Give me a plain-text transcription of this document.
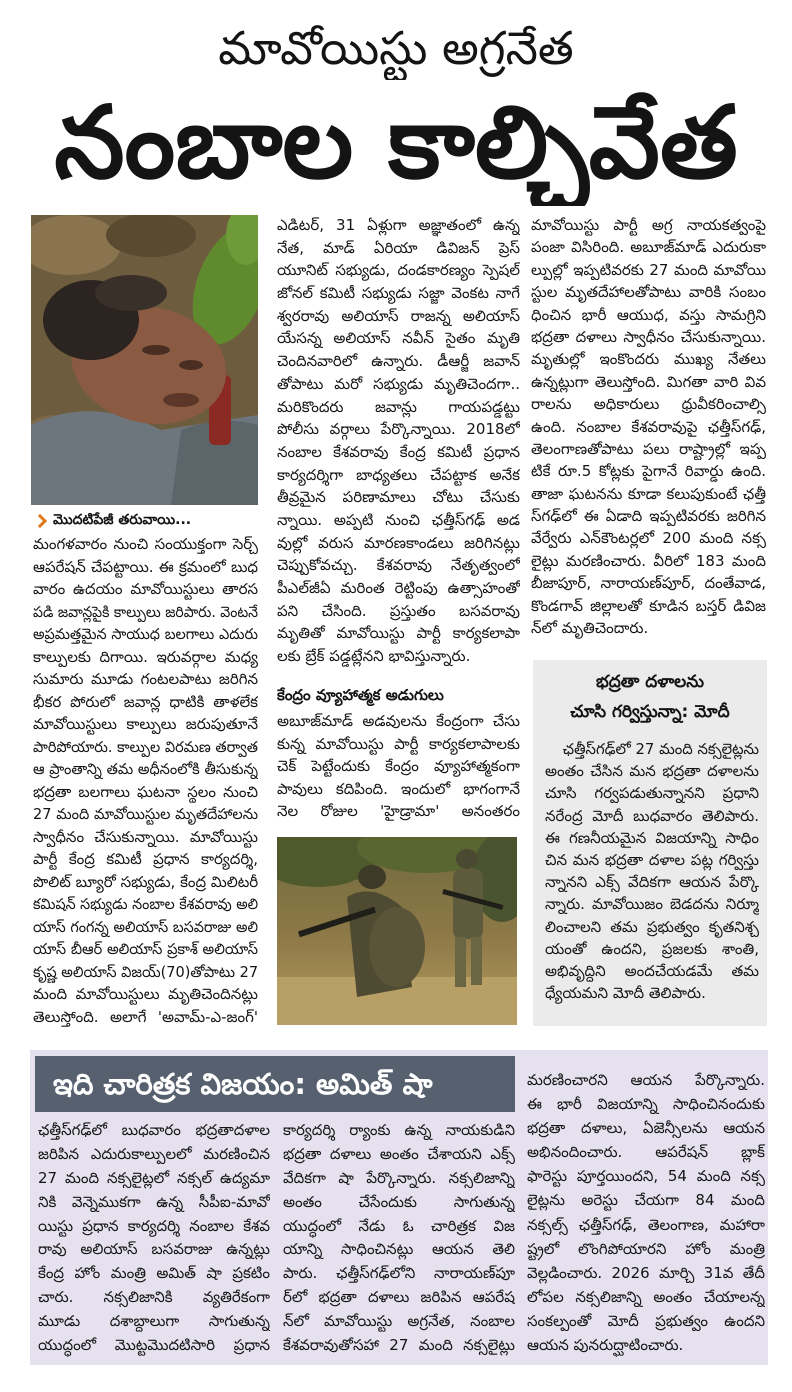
మావోయిస్టు అగ్రనేత
నంబాల కాల్చివేత
మొదటిపేజీ తరువాయి...
మంగళవారం నుంచి సంయుక్తంగా సెర్చ్
ఆపరేషన్ చేపట్టాయి. ఈ క్రమంలో బుధ
వారం ఉదయం మావోయిస్టులు తారస
పడి జవాన్లపైకి కాల్పులు జరిపారు. వెంటనే
అప్రమత్తమైన సాయుధ బలగాలు ఎదురు
కాల్పులకు దిగాయి. ఇరువర్గాల మధ్య
సుమారు మూడు గంటలపాటు జరిగిన
భీకర పోరులో జవాన్ల ధాటికి తాళలేక
మావోయిస్టులు కాల్పులు జరుపుతూనే
పారిపోయారు. కాల్పుల విరమణ తర్వాత
ఆ ప్రాంతాన్ని తమ అధీనంలోకి తీసుకున్న
భద్రతా బలగాలు ఘటనా స్థలం నుంచి
27 మంది మావోయిస్టుల మృతదేహాలను
స్వాధీనం చేసుకున్నాయి. మావోయిస్టు
పార్టీ కేంద్ర కమిటీ ప్రధాన కార్యదర్శి,
పొలిట్ బ్యూరో సభ్యుడు, కేంద్ర మిలిటరీ
కమిషన్ సభ్యుడు నంబాల కేశవరావు అలి
యాస్ గంగన్న అలియాస్ బసవరాజు అలి
యాస్ బీఆర్ అలియాస్ ప్రకాశ్ అలియాస్
కృష్ణ అలియాస్ విజయ్(70)తోపాటు 27
మంది మావోయిస్టులు మృతిచెందినట్లు
తెలుస్తోంది. అలాగే 'అవామ్-ఎ-జంగ్'
ఎడిటర్, 31 ఏళ్లుగా అజ్ఞాతంలో ఉన్న
నేత, మాడ్ ఏరియా డివిజన్ ప్రెస్
యూనిట్ సభ్యుడు, దండకారణ్యం స్పెషల్
జోనల్ కమిటీ సభ్యుడు సజ్జా వెంకట నాగే
శ్వరరావు అలియాస్ రాజన్న అలియాస్
యేసన్న అలియాస్ నవీన్ సైతం మృతి
చెందినవారిలో ఉన్నారు. డీఆర్జీ జవాన్
తోపాటు మరో సభ్యుడు మృతిచెందగా..
మరికొందరు జవాన్లు గాయపడ్డట్టు
పోలీసు వర్గాలు పేర్కొన్నాయి. 2018లో
నంబాల కేశవరావు కేంద్ర కమిటీ ప్రధాన
కార్యదర్శిగా బాధ్యతలు చేపట్టాక అనేక
తీవ్రమైన పరిణామాలు చోటు చేసుకు
న్నాయి. అప్పటి నుంచి ఛత్తీస్‌గఢ్ అడ
వుల్లో వరుస మారణకాండలు జరిగినట్లు
చెప్పుకోవచ్చు. కేశవరావు నేతృత్వంలో
పీఎల్‌జీఏ మరింత రెట్టింపు ఉత్సాహంతో
పని చేసింది. ప్రస్తుతం బసవరావు
మృతితో మావోయిస్టు పార్టీ కార్యకలాపా
లకు బ్రేక్ పడ్డట్లేనని భావిస్తున్నారు.
కేంద్రం వ్యూహాత్మక అడుగులు
అబూజ్‌మాడ్ అడవులను కేంద్రంగా చేసు
కున్న మావోయిస్టు పార్టీ కార్యకలాపాలకు
చెక్ పెట్టేందుకు కేంద్రం వ్యూహాత్మకంగా
పావులు కదిపింది. ఇందులో భాగంగానే
నెల రోజుల 'హైడ్రామా' అనంతరం
మావోయిస్టు పార్టీ అగ్ర నాయకత్వంపై
పంజా విసిరింది. అబూజ్‌మాడ్ ఎదురుకా
ల్పుల్లో ఇప్పటివరకు 27 మంది మావోయి
స్టుల మృతదేహాలతోపాటు వారికి సంబం
ధించిన భారీ ఆయుధ, వస్తు సామగ్రిని
భద్రతా దళాలు స్వాధీనం చేసుకున్నాయి.
మృతుల్లో ఇంకొందరు ముఖ్య నేతలు
ఉన్నట్లుగా తెలుస్తోంది. మిగతా వారి వివ
రాలను అధికారులు ధ్రువీకరించాల్సి
ఉంది. నంబాల కేశవరావుపై ఛత్తీస్‌గఢ్,
తెలంగాణతోపాటు పలు రాష్ట్రాల్లో ఇప్ప
టికే రూ.5 కోట్లకు పైగానే రివార్డు ఉంది.
తాజా ఘటనను కూడా కలుపుకుంటే ఛత్తీ
స్‌గఢ్‌లో ఈ ఏడాది ఇప్పటివరకు జరిగిన
వేర్వేరు ఎన్‌కౌంటర్లలో 200 మంది నక్స
లైట్లు మరణించారు. వీరిలో 183 మంది
బీజాపూర్, నారాయణ్‌పూర్, దంతేవాడ,
కొండగావ్ జిల్లాలతో కూడిన బస్తర్ డివిజ
న్‌లో మృతిచెందారు.
భద్రతా దళాలను
చూసి గర్విస్తున్నా: మోదీ
ఛత్తీస్‌గఢ్‌లో 27 మంది నక్సలైట్లను
అంతం చేసిన మన భద్రతా దళాలను
చూసి గర్వపడుతున్నానని ప్రధాని
నరేంద్ర మోదీ బుధవారం తెలిపారు.
ఈ గణనీయమైన విజయాన్ని సాధిం
చిన మన భద్రతా దళాల పట్ల గర్విస్తు
న్నానని ఎక్స్ వేదికగా ఆయన పేర్కొ
న్నారు. మావోయిజం బెడదను నిర్మూ
లించాలని తమ ప్రభుత్వం కృతనిశ్చ
యంతో ఉందని, ప్రజలకు శాంతి,
అభివృద్ధిని అందచేయడమే తమ
ధ్యేయమని మోదీ తెలిపారు.
ఇది చారిత్రక విజయం: అమిత్ షా
ఛత్తీస్‌గఢ్‌లో బుధవారం భద్రతాదళాల
జరిపిన ఎదురుకాల్పులలో మరణించిన
27 మంది నక్సలైట్లలో నక్సల్ ఉద్యమా
నికి వెన్నెముకగా ఉన్న సీపీఐ-మావో
యిస్టు ప్రధాన కార్యదర్శి నంబాల కేశవ
రావు అలియాస్ బసవరాజు ఉన్నట్లు
కేంద్ర హోం మంత్రి అమిత్ షా ప్రకటిం
చారు. నక్సలిజానికి వ్యతిరేకంగా
మూడు దశాబ్దాలుగా సాగుతున్న
యుద్ధంలో మొట్టమొదటిసారి ప్రధాన
కార్యదర్శి ర్యాంకు ఉన్న నాయకుడిని
భద్రతా దళాలు అంతం చేశాయని ఎక్స్
వేదికగా షా పేర్కొన్నారు. నక్సలిజాన్ని
అంతం చేసేందుకు సాగుతున్న
యుద్ధంలో నేడు ఓ చారిత్రక విజ
యాన్ని సాధించినట్లు ఆయన తెలి
పారు. ఛత్తీస్‌గఢ్‌లోని నారాయణ్‌పూ
ర్‌లో భద్రతా దళాలు జరిపిన ఆపరేష
న్‌లో మావోయిస్టు అగ్రనేత, నంబాల
కేశవరావుతోసహా 27 మంది నక్సలైట్లు
మరణించారని ఆయన పేర్కొన్నారు.
ఈ భారీ విజయాన్ని సాధించినందుకు
భద్రతా దళాలు, ఏజెన్సీలను ఆయన
అభినందించారు. ఆపరేషన్ బ్లాక్
ఫారెస్టు పూర్తయిందని, 54 మంది నక్స
లైట్లను అరెస్టు చేయగా 84 మంది
నక్సల్స్ ఛత్తీస్‌గఢ్, తెలంగాణ, మహారా
ష్ట్రలో లొంగిపోయారని హోం మంత్రి
వెల్లడించారు. 2026 మార్చి 31వ తేదీ
లోపల నక్సలిజాన్ని అంతం చేయాలన్న
సంకల్పంతో మోదీ ప్రభుత్వం ఉందని
ఆయన పునరుద్ఘాటించారు.
